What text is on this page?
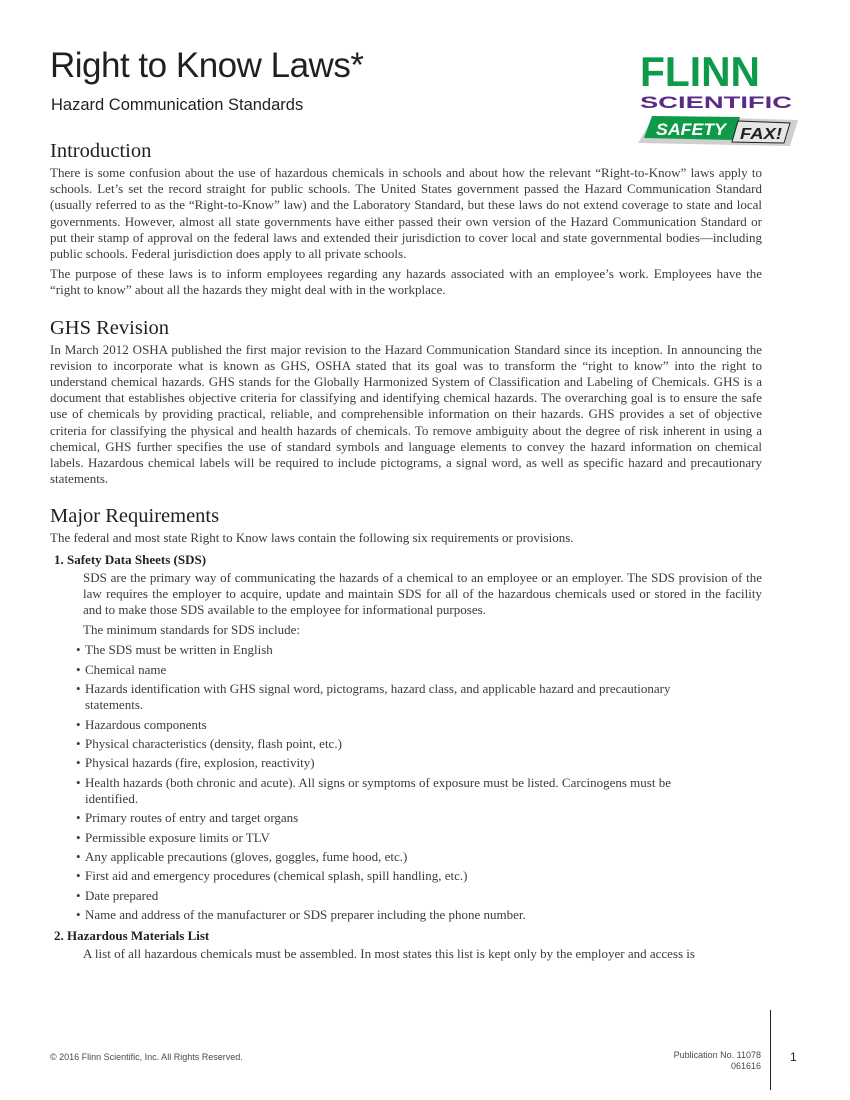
Right to Know Laws*
Hazard Communication Standards
FLINN
SCIENTIFIC
SAFETY FAX!
Introduction

There is some confusion about the use of hazardous chemicals in schools and about how the relevant “Right-to-Know” laws apply to schools. Let’s set the record straight for public schools. The United States government passed the Hazard Communication Standard (usually referred to as the “Right-to-Know” law) and the Laboratory Standard, but these laws do not extend coverage to state and local governments. However, almost all state governments have either passed their own version of the Hazard Communication Standard or put their stamp of approval on the federal laws and extended their jurisdiction to cover local and state governmental bodies—including public schools. Federal jurisdiction does apply to all private schools.

The purpose of these laws is to inform employees regarding any hazards associated with an employee’s work. Employees have the “right to know” about all the hazards they might deal with in the workplace.

GHS Revision

In March 2012 OSHA published the first major revision to the Hazard Communication Standard since its inception. In announcing the revision to incorporate what is known as GHS, OSHA stated that its goal was to transform the “right to know” into the right to understand chemical hazards. GHS stands for the Globally Harmonized System of Classification and Labeling of Chemicals. GHS is a document that establishes objective criteria for classifying and identifying chemical hazards. The overarching goal is to ensure the safe use of chemicals by providing practical, reliable, and comprehensible information on their hazards. GHS provides a set of objective criteria for classifying the physical and health hazards of chemicals. To remove ambiguity about the degree of risk inherent in using a chemical, GHS further specifies the use of standard symbols and language elements to convey the hazard information on chemical labels. Hazardous chemical labels will be required to include pictograms, a signal word, as well as specific hazard and precautionary statements.

Major Requirements

The federal and most state Right to Know laws contain the following six requirements or provisions.

1. Safety Data Sheets (SDS)

SDS are the primary way of communicating the hazards of a chemical to an employee or an employer. The SDS provision of the law requires the employer to acquire, update and maintain SDS for all of the hazardous chemicals used or stored in the facility and to make those SDS available to the employee for informational purposes.

The minimum standards for SDS include:

• The SDS must be written in English
• Chemical name
• Hazards identification with GHS signal word, pictograms, hazard class, and applicable hazard and precautionary statements.
• Hazardous components
• Physical characteristics (density, flash point, etc.)
• Physical hazards (fire, explosion, reactivity)
• Health hazards (both chronic and acute). All signs or symptoms of exposure must be listed. Carcinogens must be identified.
• Primary routes of entry and target organs
• Permissible exposure limits or TLV
• Any applicable precautions (gloves, goggles, fume hood, etc.)
• First aid and emergency procedures (chemical splash, spill handling, etc.)
• Date prepared
• Name and address of the manufacturer or SDS preparer including the phone number.
2. Hazardous Materials List

A list of all hazardous chemicals must be assembled. In most states this list is kept only by the employer and access is

© 2016 Flinn Scientific, Inc. All Rights Reserved.	Publication No. 11078
061616
1
